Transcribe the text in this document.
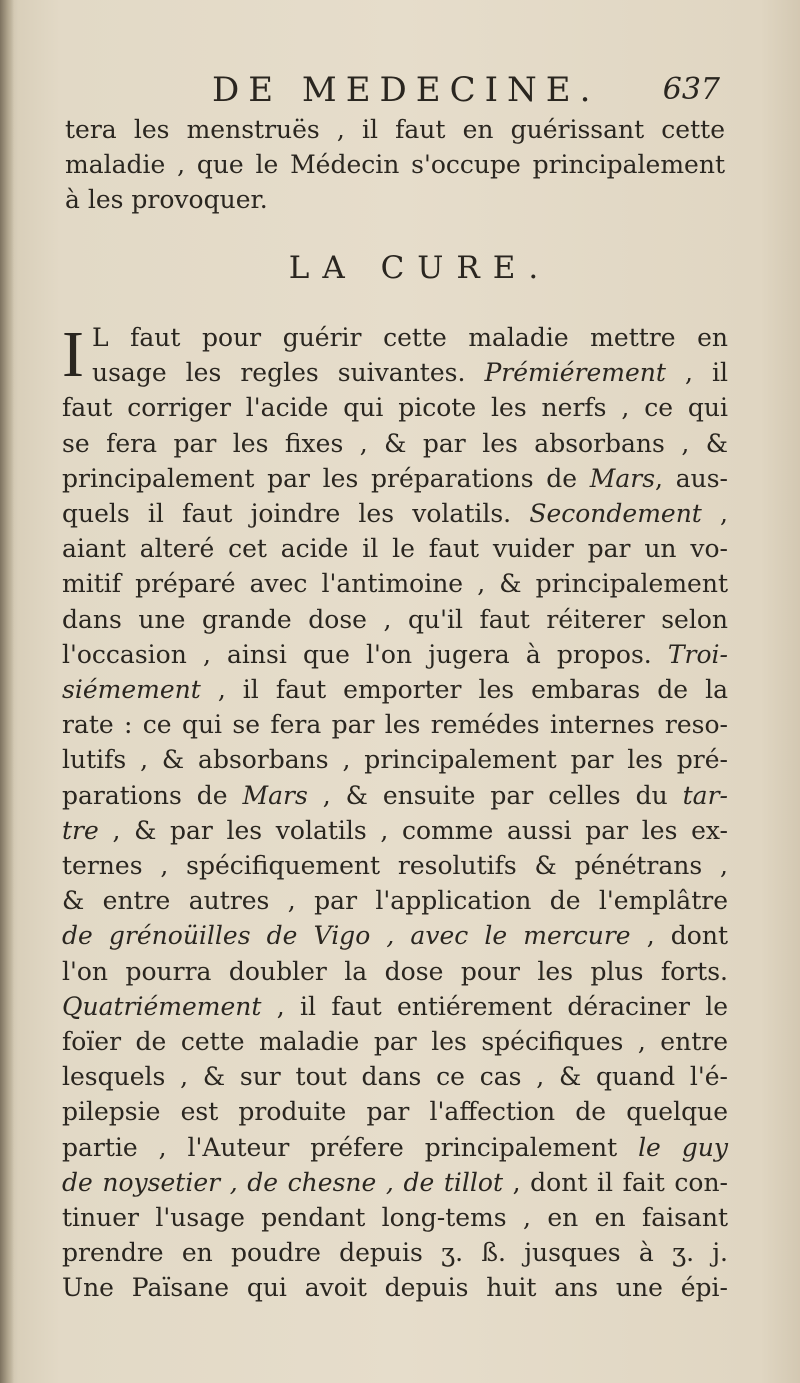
DE MEDECINE. 637
tera les menstruës , il faut en guérissant cette
maladie , que le Médecin s'occupe principalement
à les provoquer.
LA CURE.
I L faut pour guérir cette maladie mettre en
usage les regles suivantes. Prémiérement , il
faut corriger l'acide qui picote les nerfs , ce qui
se fera par les fixes , & par les absorbans , &
principalement par les préparations de Mars, aus-
quels il faut joindre les volatils. Secondement ,
aiant alteré cet acide il le faut vuider par un vo-
mitif préparé avec l'antimoine , & principalement
dans une grande dose , qu'il faut réiterer selon
l'occasion , ainsi que l'on jugera à propos. Troi-
siémement , il faut emporter les embaras de la
rate : ce qui se fera par les remédes internes reso-
lutifs , & absorbans , principalement par les pré-
parations de Mars , & ensuite par celles du tar-
tre , & par les volatils , comme aussi par les ex-
ternes , spécifiquement resolutifs & pénétrans ,
& entre autres , par l'application de l'emplâtre
de grénoüilles de Vigo , avec le mercure , dont
l'on pourra doubler la dose pour les plus forts.
Quatriémement , il faut entiérement déraciner le
foïer de cette maladie par les spécifiques , entre
lesquels , & sur tout dans ce cas , & quand l'é-
pilepsie est produite par l'affection de quelque
partie , l'Auteur préfere principalement le guy
de noysetier , de chesne , de tillot , dont il fait con-
tinuer l'usage pendant long-tems , en en faisant
prendre en poudre depuis ʒ. ß. jusques à ʒ. j.
Une Païsane qui avoit depuis huit ans une épi-
